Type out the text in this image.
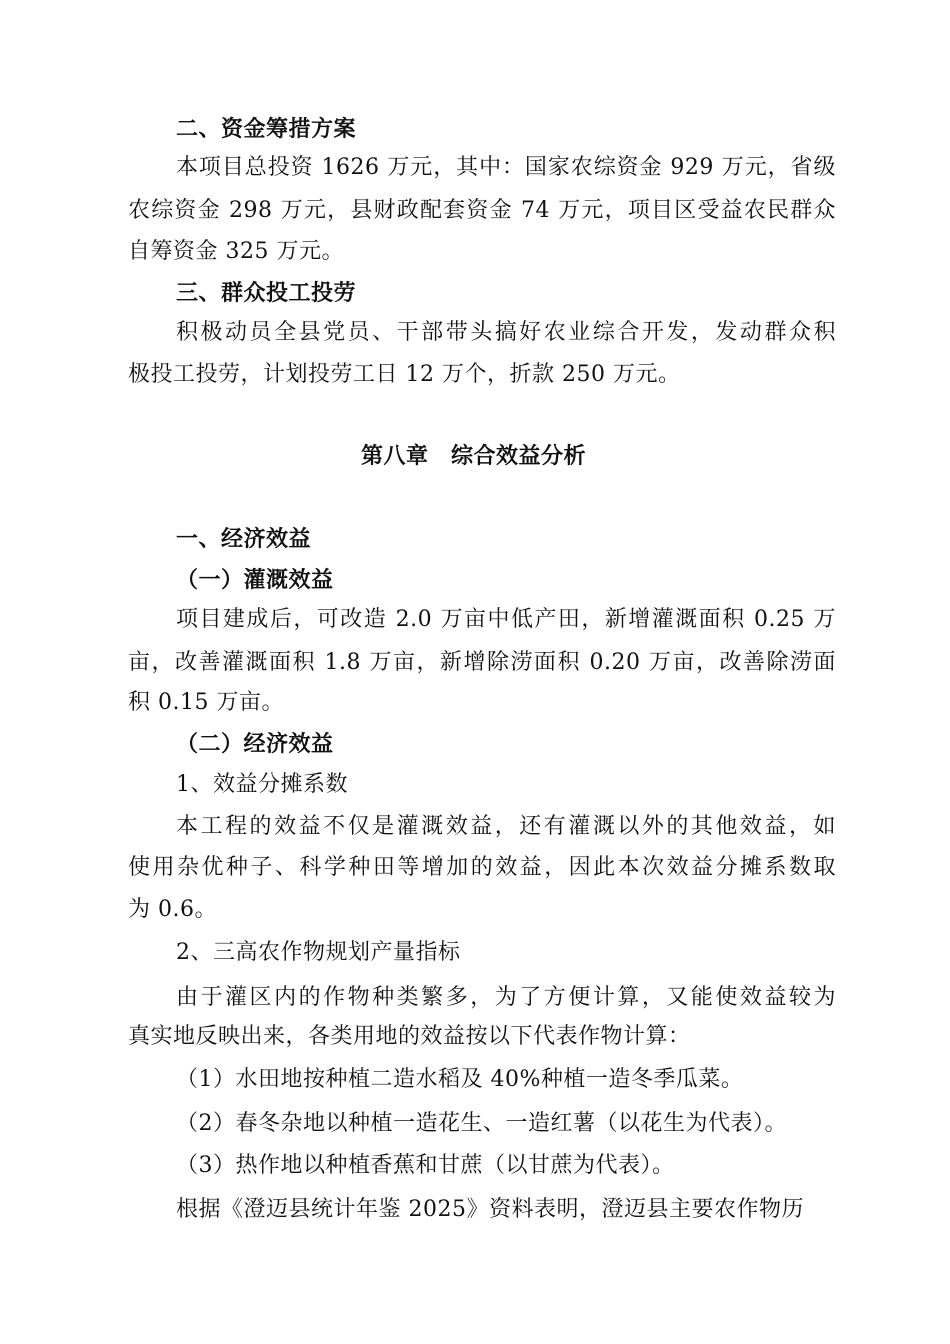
二、资金筹措方案
本项目总投资 1626 万元，其中：国家农综资金 929 万元，省级
农综资金 298 万元，县财政配套资金 74 万元，项目区受益农民群众
自筹资金 325 万元。
三、群众投工投劳
积极动员全县党员、干部带头搞好农业综合开发，发动群众积
极投工投劳，计划投劳工日 12 万个，折款 250 万元。
第八章　综合效益分析
一、经济效益
（一）灌溉效益
项目建成后，可改造 2.0 万亩中低产田，新增灌溉面积 0.25 万
亩，改善灌溉面积 1.8 万亩，新增除涝面积 0.20 万亩，改善除涝面
积 0.15 万亩。
（二）经济效益
1、效益分摊系数
本工程的效益不仅是灌溉效益，还有灌溉以外的其他效益，如
使用杂优种子、科学种田等增加的效益，因此本次效益分摊系数取
为 0.6。
2、三高农作物规划产量指标
由于灌区内的作物种类繁多，为了方便计算，又能使效益较为
真实地反映出来，各类用地的效益按以下代表作物计算：
（1）水田地按种植二造水稻及 40%种植一造冬季瓜菜。
（2）春冬杂地以种植一造花生、一造红薯（以花生为代表）。
（3）热作地以种植香蕉和甘蔗（以甘蔗为代表）。
根据《澄迈县统计年鉴 2025》资料表明，澄迈县主要农作物历
